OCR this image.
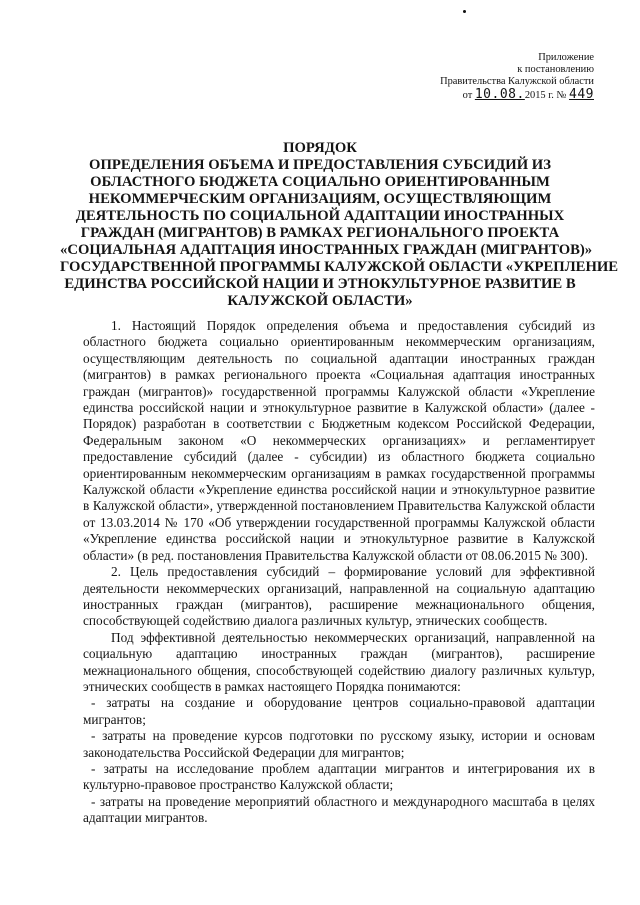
Приложение
к постановлению
Правительства Калужской области
от 10.08.2015 г. № 449
ПОРЯДОК
ОПРЕДЕЛЕНИЯ ОБЪЕМА И ПРЕДОСТАВЛЕНИЯ СУБСИДИЙ ИЗ
ОБЛАСТНОГО БЮДЖЕТА СОЦИАЛЬНО ОРИЕНТИРОВАННЫМ
НЕКОММЕРЧЕСКИМ ОРГАНИЗАЦИЯМ, ОСУЩЕСТВЛЯЮЩИМ
ДЕЯТЕЛЬНОСТЬ ПО СОЦИАЛЬНОЙ АДАПТАЦИИ ИНОСТРАННЫХ
ГРАЖДАН (МИГРАНТОВ) В РАМКАХ РЕГИОНАЛЬНОГО ПРОЕКТА
«СОЦИАЛЬНАЯ АДАПТАЦИЯ ИНОСТРАННЫХ ГРАЖДАН (МИГРАНТОВ)»
ГОСУДАРСТВЕННОЙ ПРОГРАММЫ КАЛУЖСКОЙ ОБЛАСТИ «УКРЕПЛЕНИЕ
ЕДИНСТВА РОССИЙСКОЙ НАЦИИ И ЭТНОКУЛЬТУРНОЕ РАЗВИТИЕ В
КАЛУЖСКОЙ ОБЛАСТИ»

1. Настоящий Порядок определения объема и предоставления субсидий из областного бюджета социально ориентированным некоммерческим организациям, осуществляющим деятельность по социальной адаптации иностранных граждан (мигрантов) в рамках регионального проекта «Социальная адаптация иностранных граждан (мигрантов)» государственной программы Калужской области «Укрепление единства российской нации и этнокультурное развитие в Калужской области» (далее - Порядок) разработан в соответствии с Бюджетным кодексом Российской Федерации, Федеральным законом «О некоммерческих организациях» и регламентирует предоставление субсидий (далее - субсидии) из областного бюджета социально ориентированным некоммерческим организациям в рамках государственной программы Калужской области «Укрепление единства российской нации и этнокультурное развитие в Калужской области», утвержденной постановлением Правительства Калужской области от 13.03.2014 № 170 «Об утверждении государственной программы Калужской области «Укрепление единства российской нации и этнокультурное развитие в Калужской области» (в ред. постановления Правительства Калужской области от 08.06.2015 № 300).

2. Цель предоставления субсидий – формирование условий для эффективной деятельности некоммерческих организаций, направленной на социальную адаптацию иностранных граждан (мигрантов), расширение межнационального общения, способствующей содействию диалога различных культур, этнических сообществ.

Под эффективной деятельностью некоммерческих организаций, направленной на социальную адаптацию иностранных граждан (мигрантов), расширение межнационального общения, способствующей содействию диалогу различных культур, этнических сообществ в рамках настоящего Порядка понимаются:

- затраты на создание и оборудование центров социально-правовой адаптации мигрантов;

- затраты на проведение курсов подготовки по русскому языку, истории и основам законодательства Российской Федерации для мигрантов;

- затраты на исследование проблем адаптации мигрантов и интегрирования их в культурно-правовое пространство Калужской области;

- затраты на проведение мероприятий областного и международного масштаба в целях адаптации мигрантов.
